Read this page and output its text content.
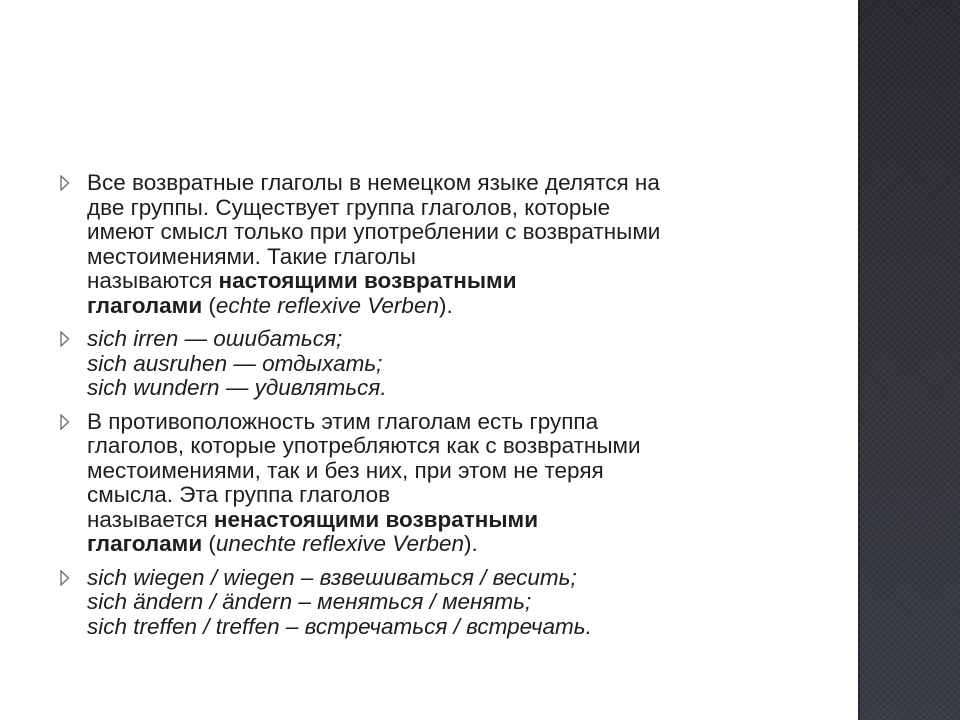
Все возвратные глаголы в немецком языке делятся на
две группы. Существует группа глаголов, которые
имеют смысл только при употреблении с возвратными
местоимениями. Такие глаголы
называются настоящими возвратными
глаголами (echte reflexive Verben).
sich irren — ошибаться;
sich ausruhen — отдыхать;
sich wundern — удивляться.
В противоположность этим глаголам есть группа
глаголов, которые употребляются как с возвратными
местоимениями, так и без них, при этом не теряя
смысла. Эта группа глаголов
называется ненастоящими возвратными
глаголами (unechte reflexive Verben).
sich wiegen / wiegen – взвешиваться / весить;
sich ändern / ändern – меняться / менять;
sich treffen / treffen – встречаться / встречать.
